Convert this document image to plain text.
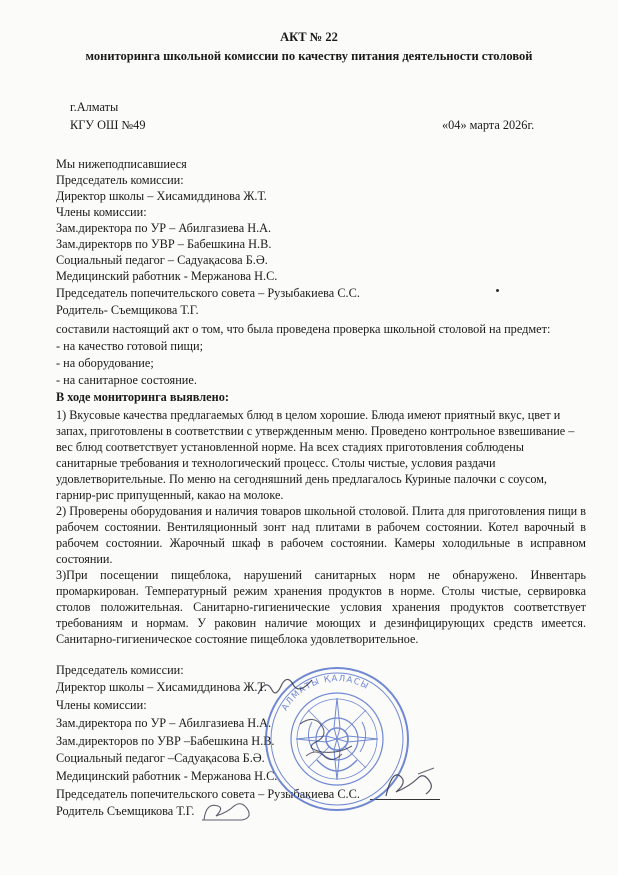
АКТ № 22
мониторинга школьной комиссии по качеству питания деятельности столовой
г.Алматы
КГУ ОШ №49	«04» марта 2026г.
Мы нижеподписавшиеся
Председатель комиссии:
Директор школы – Хисамиддинова Ж.Т.
Члены комиссии:
Зам.директора по УР – Абилгазиева Н.А.
Зам.директорв по УВР – Бабешкина Н.В.
Социальный педагог – Садуақасова Б.Ә.
Медицинский работник - Мержанова Н.С.
Председатель попечительского совета – Рузыбакиева С.С.
Родитель- Съемщикова Т.Г.
составили настоящий акт о том, что была проведена проверка школьной столовой на предмет:
- на качество готовой пищи;
- на оборудование;
- на санитарное состояние.
В ходе мониторинга выявлено:
1) Вкусовые качества предлагаемых блюд в целом хорошие. Блюда имеют приятный вкус, цвет и запах, приготовлены в соответствии с утвержденным меню. Проведено контрольное взвешивание – вес блюд соответствует установленной норме. На всех стадиях приготовления соблюдены санитарные требования и технологический процесс. Столы чистые, условия раздачи удовлетворительные. По меню на сегодняшний день предлагалось Куриные палочки с соусом, гарнир-рис припущенный, какао на молоке.
2) Проверены оборудования и наличия товаров школьной столовой. Плита для приготовления пищи в рабочем состоянии. Вентиляционный зонт над плитами в рабочем состоянии. Котел варочный в рабочем состоянии. Жарочный шкаф в рабочем состоянии. Камеры холодильные в исправном состоянии.
3)При посещении пищеблока, нарушений санитарных норм не обнаружено. Инвентарь промаркирован. Температурный режим хранения продуктов в норме. Столы чистые, сервировка столов положительная. Санитарно-гигиенические условия хранения продуктов соответствует требованиям и нормам. У раковин наличие моющих и дезинфицирующих средств имеется. Санитарно-гигиеническое состояние пищеблока удовлетворительное.
Председатель комиссии:
Директор школы – Хисамиддинова Ж.Т.
Члены комиссии:
Зам.директора по УР – Абилгазиева Н.А.
Зам.директоров по УВР –Бабешкина Н.В.
Социальный педагог –Садуақасова Б.Ә.
Медицинский работник - Мержанова Н.С.
Председатель попечительского совета – Рузыбакиева С.С.
Родитель Съемщикова Т.Г.
АЛМАТЫ ҚАЛАСЫ
